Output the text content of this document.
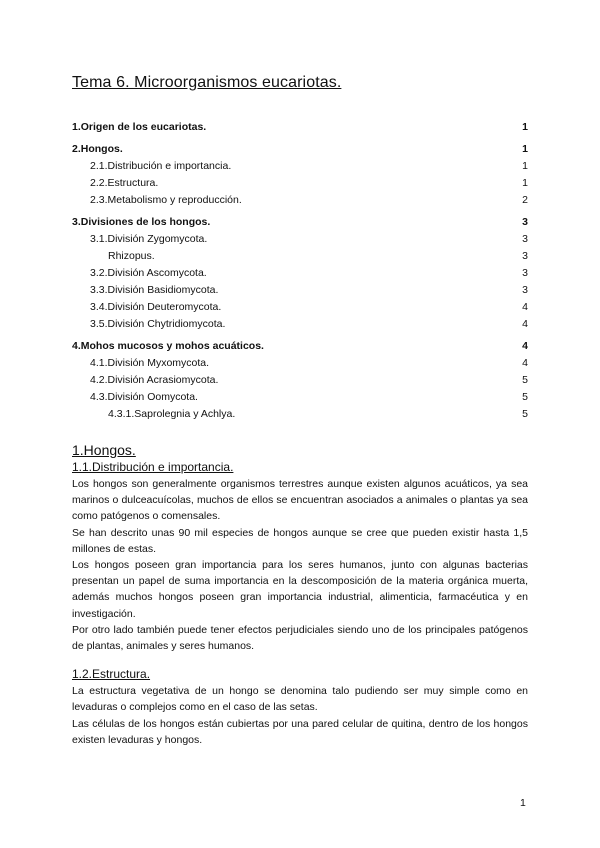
Tema 6. Microorganismos eucariotas.
1.Origen de los eucariotas.	1
2.Hongos.	1
2.1.Distribución e importancia.	1
2.2.Estructura.	1
2.3.Metabolismo y reproducción.	2
3.Divisiones de los hongos.	3
3.1.División Zygomycota.	3
Rhizopus.	3
3.2.División Ascomycota.	3
3.3.División Basidiomycota.	3
3.4.División Deuteromycota.	4
3.5.División Chytridiomycota.	4
4.Mohos mucosos y mohos acuáticos.	4
4.1.División Myxomycota.	4
4.2.División Acrasiomycota.	5
4.3.División Oomycota.	5
4.3.1.Saprolegnia y Achlya.	5
1.Hongos.
1.1.Distribución e importancia.

Los hongos son generalmente organismos terrestres aunque existen algunos acuáticos, ya sea marinos o dulceacuícolas, muchos de ellos se encuentran asociados a animales o plantas ya sea como patógenos o comensales.

Se han descrito unas 90 mil especies de hongos aunque se cree que pueden existir hasta 1,5 millones de estas.

Los hongos poseen gran importancia para los seres humanos, junto con algunas bacterias presentan un papel de suma importancia en la descomposición de la materia orgánica muerta, además muchos hongos poseen gran importancia industrial, alimenticia, farmacéutica y en investigación.

Por otro lado también puede tener efectos perjudiciales siendo uno de los principales patógenos de plantas, animales y seres humanos.

1.2.Estructura.

La estructura vegetativa de un hongo se denomina talo pudiendo ser muy simple como en levaduras o complejos como en el caso de las setas.

Las células de los hongos están cubiertas por una pared celular de quitina, dentro de los hongos existen levaduras y hongos.

1
